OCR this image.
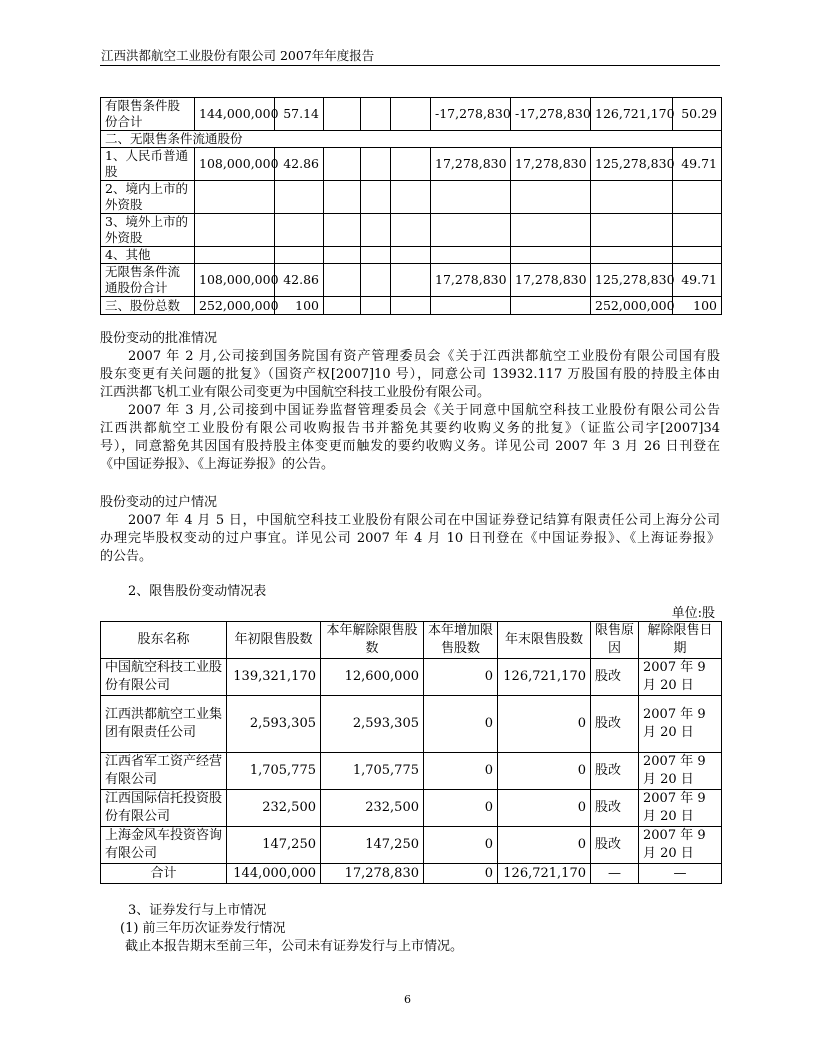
江西洪都航空工业股份有限公司 2007年年度报告
有限售条件股份合计	144,000,000	57.14				-17,278,830	-17,278,830	126,721,170	50.29
二、无限售条件流通股份									
1、人民币普通股	108,000,000	42.86				17,278,830	17,278,830	125,278,830	49.71
2、境内上市的外资股									
3、境外上市的外资股									
4、其他									
无限售条件流通股份合计	108,000,000	42.86				17,278,830	17,278,830	125,278,830	49.71
三、股份总数	252,000,000	100						252,000,000	100
股份变动的批准情况
2007 年 2 月,公司接到国务院国有资产管理委员会《关于江西洪都航空工业股份有限公司国有股
股东变更有关问题的批复》（国资产权[2007]10 号），同意公司 13932.117 万股国有股的持股主体由
江西洪都飞机工业有限公司变更为中国航空科技工业股份有限公司。
2007 年 3 月,公司接到中国证券监督管理委员会《关于同意中国航空科技工业股份有限公司公告
江西洪都航空工业股份有限公司收购报告书并豁免其要约收购义务的批复》（证监公司字[2007]34
号），同意豁免其因国有股持股主体变更而触发的要约收购义务。详见公司 2007 年 3 月 26 日刊登在
《中国证券报》、《上海证券报》的公告。
股份变动的过户情况
2007 年 4 月 5 日，中国航空科技工业股份有限公司在中国证券登记结算有限责任公司上海分公司
办理完毕股权变动的过户事宜。详见公司 2007 年 4 月 10 日刊登在《中国证券报》、《上海证券报》
的公告。
2、限售股份变动情况表
单位:股
股东名称	年初限售股数	本年解除限售股数	本年增加限售股数	年末限售股数	限售原因	解除限售日期
中国航空科技工业股份有限公司	139,321,170	12,600,000	0	126,721,170	股改	2007 年 9 月 20 日
江西洪都航空工业集团有限责任公司	2,593,305	2,593,305	0	0	股改	2007 年 9 月 20 日
江西省军工资产经营有限公司	1,705,775	1,705,775	0	0	股改	2007 年 9 月 20 日
江西国际信托投资股份有限公司	232,500	232,500	0	0	股改	2007 年 9 月 20 日
上海金风车投资咨询有限公司	147,250	147,250	0	0	股改	2007 年 9 月 20 日
合计	144,000,000	17,278,830	0	126,721,170	—	—
3、证券发行与上市情况
(1) 前三年历次证券发行情况
截止本报告期末至前三年，公司未有证券发行与上市情况。
6
